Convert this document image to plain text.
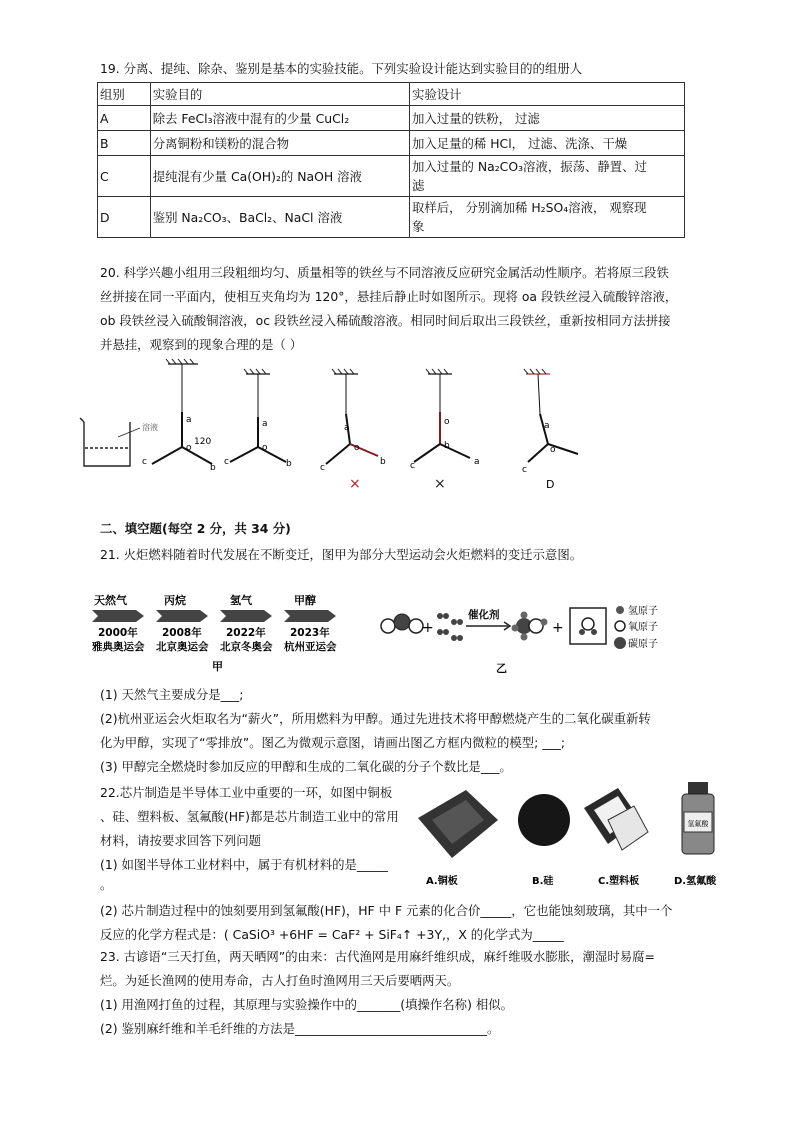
19. 分离、提纯、除杂、鉴别是基本的实验技能。下列实验设计能达到实验目的的组册人
组别	实验目的	实验设计
A	除去 FeCl₃溶液中混有的少量 CuCl₂	加入过量的铁粉， 过滤
B	分离铜粉和镁粉的混合物	加入足量的稀 HCl， 过滤、洗涤、干燥
C	提纯混有少量 Ca(OH)₂的 NaOH 溶液	加入过量的 Na₂CO₃溶液，振荡、静置、过
滤

D	鉴别 Na₂CO₃、BaCl₂、NaCl 溶液	取样后， 分别滴加稀 H₂SO₄溶液， 观察现
象
20. 科学兴趣小组用三段粗细均匀、质量相等的铁丝与不同溶液反应研究金属活动性顺序。若将原三段铁
丝拼接在同一平面内，使相互夹角均为 120°，悬挂后静止时如图所示。现将 oa 段铁丝浸入硫酸锌溶液，
ob 段铁丝浸入硫酸铜溶液，oc 段铁丝浸入稀硫酸溶液。相同时间后取出三段铁丝，重新按相同方法拼接
并悬挂，观察到的现象合理的是（ ）
溶液
a
o
120
c
b
a
o
c	b
a
o
c
b
×
o
b
c	a
×
a
o
c
D
二、填空题(每空 2 分，共 34 分)
21. 火炬燃料随着时代发展在不断变迁，图甲为部分大型运动会火炬燃料的变迁示意图。
天然气	丙烷	氢气	甲醇
2000年 2008年 2022年 2023年
雅典奥运会 北京奥运会 北京冬奥会 杭州亚运会
甲
+
催化剂
+
氢原子
氧原子
碳原子
乙
(1) 天然气主要成分是___;
(2)杭州亚运会火炬取名为“薪火”，所用燃料为甲醇。通过先进技术将甲醇燃烧产生的二氧化碳重新转
化为甲醇，实现了“零排放”。图乙为微观示意图，请画出图乙方框内微粒的模型; ___;
(3) 甲醇完全燃烧时参加反应的甲醇和生成的二氧化碳的分子个数比是___。
22.芯片制造是半导体工业中重要的一环，如图中铜板
、硅、塑料板、氢氟酸(HF)都是芯片制造工业中的常用
材料，请按要求回答下列问题
(1) 如图半导体工业材料中，属于有机材料的是_____
。
氢氟酸
A.铜板	B.硅	C.塑料板	D.氢氟酸
(2) 芯片制造过程中的蚀刻要用到氢氟酸(HF)，HF 中 F 元素的化合价_____，它也能蚀刻玻璃，其中一个
反应的化学方程式是：( CaSiO³ +6HF = CaF² + SiF₄↑ +3Y,，X 的化学式为_____
23. 古谚语“三天打鱼，两天晒网”的由来：古代渔网是用麻纤维织成，麻纤维吸水膨胀，潮湿时易腐=
烂。为延长渔网的使用寿命，古人打鱼时渔网用三天后要晒两天。
(1) 用渔网打鱼的过程，其原理与实验操作中的_______(填操作名称) 相似。
(2) 鉴别麻纤维和羊毛纤维的方法是_______________________________。
